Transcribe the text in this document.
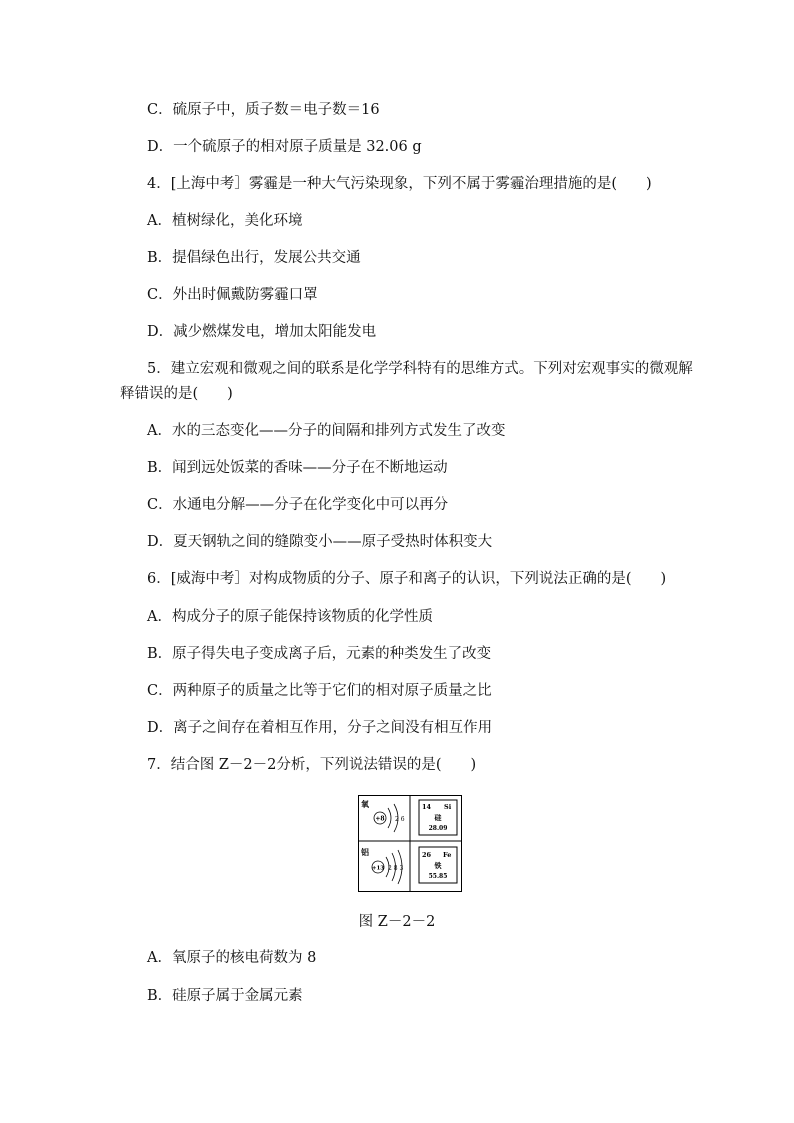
C．硫原子中，质子数＝电子数＝16
D．一个硫原子的相对原子质量是 32.06 g
4．[上海中考］雾霾是一种大气污染现象，下列不属于雾霾治理措施的是(　　)
A．植树绿化，美化环境
B．提倡绿色出行，发展公共交通
C．外出时佩戴防雾霾口罩
D．减少燃煤发电，增加太阳能发电
5．建立宏观和微观之间的联系是化学学科特有的思维方式。下列对宏观事实的微观解
释错误的是(　　)
A．水的三态变化——分子的间隔和排列方式发生了改变
B．闻到远处饭菜的香味——分子在不断地运动
C．水通电分解——分子在化学变化中可以再分
D．夏天钢轨之间的缝隙变小——原子受热时体积变大
6．[威海中考］对构成物质的分子、原子和离子的认识，下列说法正确的是(　　)
A．构成分子的原子能保持该物质的化学性质
B．原子得失电子变成离子后，元素的种类发生了改变
C．两种原子的质量之比等于它们的相对原子质量之比
D．离子之间存在着相互作用，分子之间没有相互作用
7．结合图 Z－2－2分析，下列说法错误的是(　　)
氧
+8 2 6
14 Si
硅
28.09
铝
+13 2 8 3
26 Fe
铁
55.85
图 Z－2－2
A．氧原子的核电荷数为 8
B．硅原子属于金属元素
